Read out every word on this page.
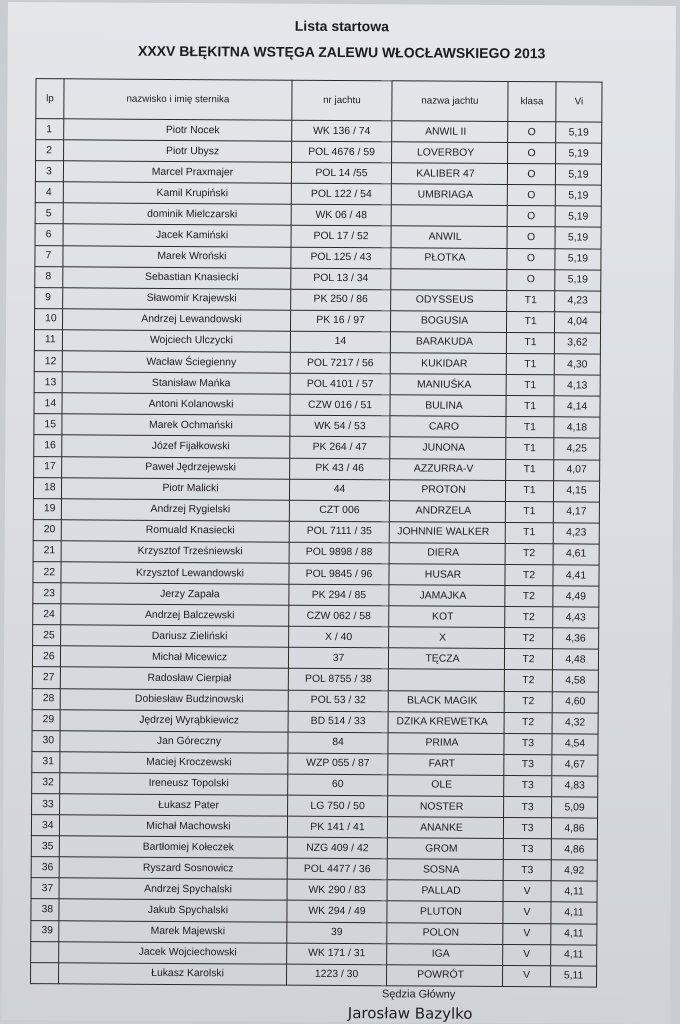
Lista startowa
XXXV BŁĘKITNA WSTĘGA ZALEWU WŁOCŁAWSKIEGO 2013
lp	nazwisko i imię sternika	nr jachtu	nazwa jachtu	klasa	Vi
1	Piotr Nocek	WK 136 / 74	ANWIL II	O	5,19
2	Piotr Ubysz	POL 4676 / 59	LOVERBOY	O	5,19
3	Marcel Praxmajer	POL 14 /55	KALIBER 47	O	5,19
4	Kamil Krupiński	POL 122 / 54	UMBRIAGA	O	5,19
5	dominik Mielczarski	WK 06 / 48		O	5,19
6	Jacek Kamiński	POL 17 / 52	ANWIL	O	5,19
7	Marek Wroński	POL 125 / 43	PŁOTKA	O	5,19
8	Sebastian Knasiecki	POL 13 / 34		O	5,19
9	Sławomir Krajewski	PK 250 / 86	ODYSSEUS	T1	4,23
10	Andrzej Lewandowski	PK 16 / 97	BOGUSIA	T1	4,04
11	Wojciech Ulczycki	14	BARAKUDA	T1	3,62
12	Wacław Ściegienny	POL 7217 / 56	KUKIDAR	T1	4,30
13	Stanisław Mańka	POL 4101 / 57	MANIUŚKA	T1	4,13
14	Antoni Kolanowski	CZW 016 / 51	BULINA	T1	4,14
15	Marek Ochmański	WK 54 / 53	CARO	T1	4,18
16	Józef Fijałkowski	PK 264 / 47	JUNONA	T1	4,25
17	Paweł Jędrzejewski	PK 43 / 46	AZZURRA-V	T1	4,07
18	Piotr Malicki	44	PROTON	T1	4,15
19	Andrzej Rygielski	CZT 006	ANDRZELA	T1	4,17
20	Romuald Knasiecki	POL 7111 / 35	JOHNNIE WALKER	T1	4,23
21	Krzysztof Trześniewski	POL 9898 / 88	DIERA	T2	4,61
22	Krzysztof Lewandowski	POL 9845 / 96	HUSAR	T2	4,41
23	Jerzy Zapała	PK 294 / 85	JAMAJKA	T2	4,49
24	Andrzej Balczewski	CZW 062 / 58	KOT	T2	4,43
25	Dariusz Zieliński	X / 40	X	T2	4,36
26	Michał Micewicz	37	TĘCZA	T2	4,48
27	Radosław Cierpiał	POL 8755 / 38		T2	4,58
28	Dobiesław Budzinowski	POL 53 / 32	BLACK MAGIK	T2	4,60
29	Jędrzej Wyrąbkiewicz	BD 514 / 33	DZIKA KREWETKA	T2	4,32
30	Jan Góreczny	84	PRIMA	T3	4,54
31	Maciej Kroczewski	WZP 055 / 87	FART	T3	4,67
32	Ireneusz Topolski	60	OLE	T3	4,83
33	Łukasz Pater	LG 750 / 50	NOSTER	T3	5,09
34	Michał Machowski	PK 141 / 41	ANANKE	T3	4,86
35	Bartłomiej Kołeczek	NZG 409 / 42	GROM	T3	4,86
36	Ryszard Sosnowicz	POL 4477 / 36	SOSNA	T3	4,92
37	Andrzej Spychalski	WK 290 / 83	PALLAD	V	4,11
38	Jakub Spychalski	WK 294 / 49	PLUTON	V	4,11
39	Marek Majewski	39	POLON	V	4,11
	Jacek Wojciechowski	WK 171 / 31	IGA	V	4,11
	Łukasz Karolski	1223 / 30	POWRÓT	V	5,11
Sędzia Główny
Jarosław Bazylko
